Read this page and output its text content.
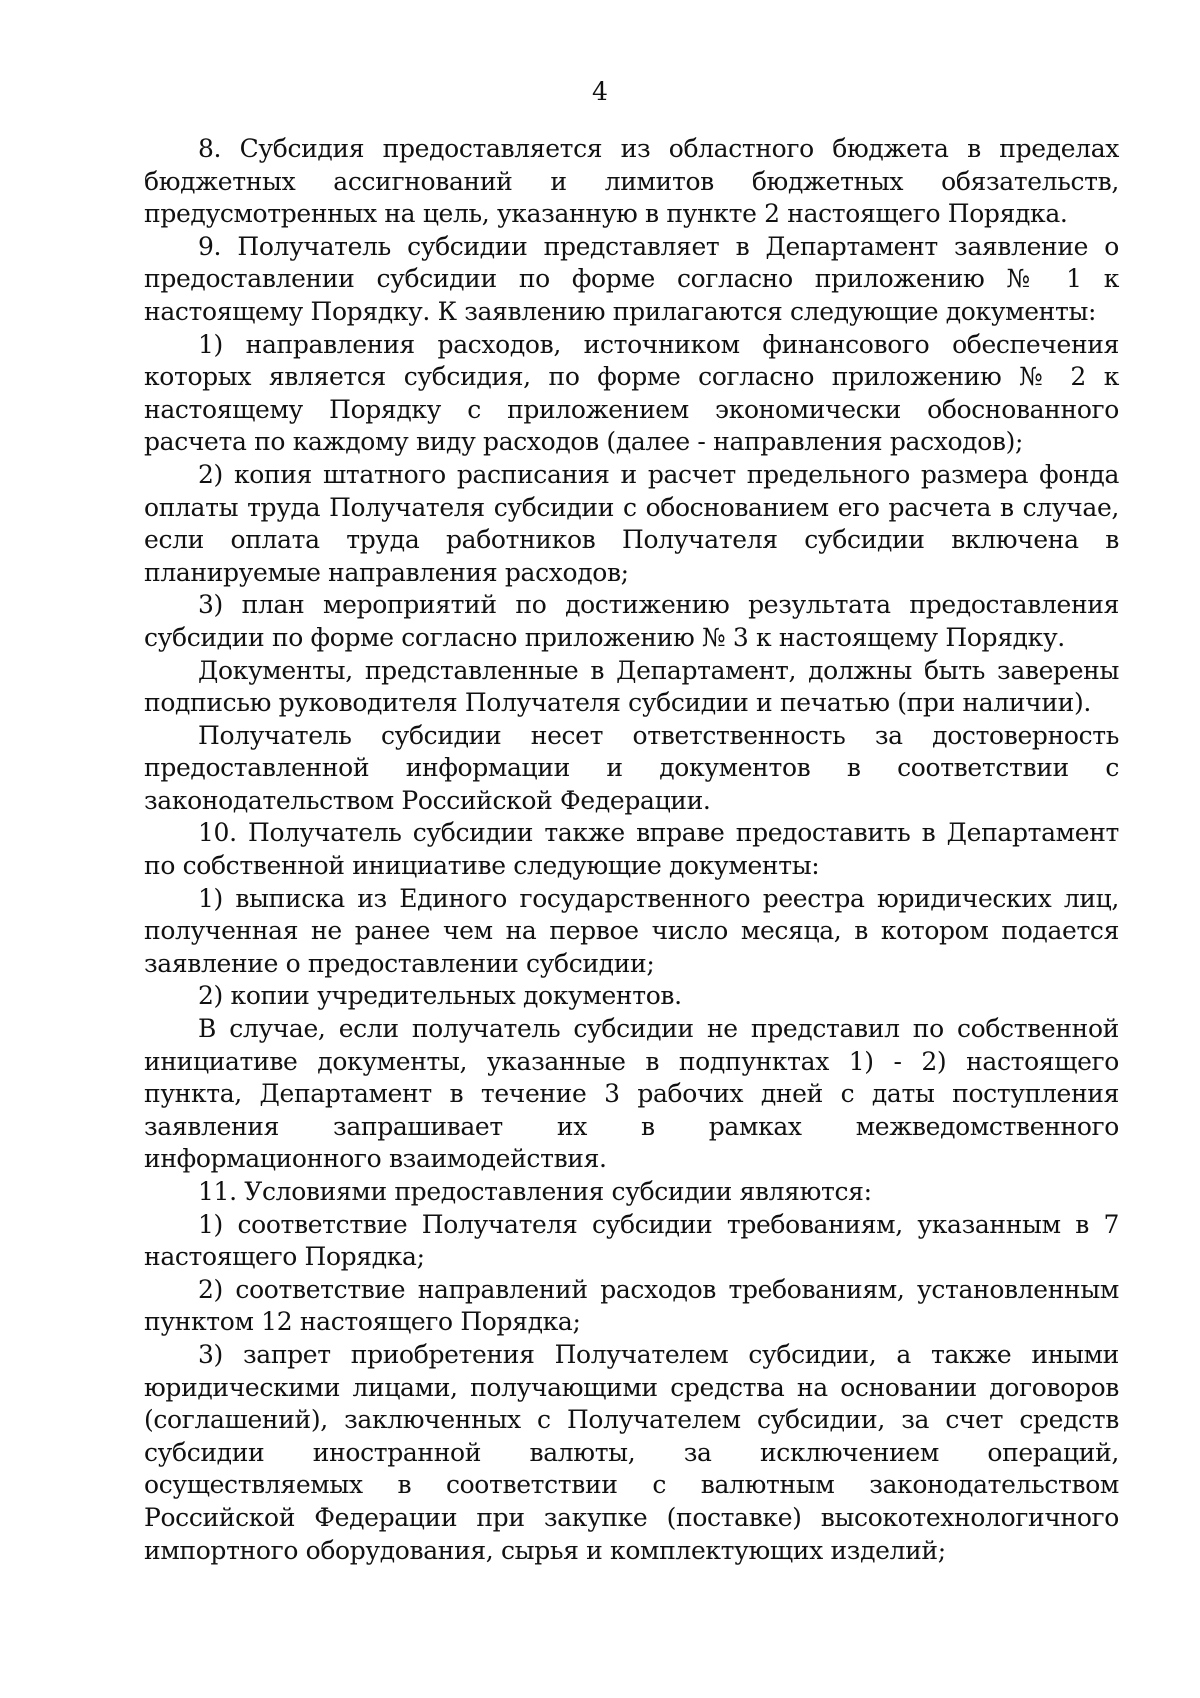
4

8. Субсидия предоставляется из областного бюджета в пределах бюджетных ассигнований и лимитов бюджетных обязательств, предусмотренных на цель, указанную в пункте 2 настоящего Порядка.

9. Получатель субсидии представляет в Департамент заявление о предоставлении субсидии по форме согласно приложению № 1 к настоящему Порядку. К заявлению прилагаются следующие документы:

1) направления расходов, источником финансового обеспечения которых является субсидия, по форме согласно приложению № 2 к настоящему Порядку с приложением экономически обоснованного расчета по каждому виду расходов (далее - направления расходов);

2) копия штатного расписания и расчет предельного размера фонда оплаты труда Получателя субсидии с обоснованием его расчета в случае, если оплата труда работников Получателя субсидии включена в планируемые направления расходов;

3) план мероприятий по достижению результата предоставления субсидии по форме согласно приложению № 3 к настоящему Порядку.

Документы, представленные в Департамент, должны быть заверены подписью руководителя Получателя субсидии и печатью (при наличии).

Получатель субсидии несет ответственность за достоверность предоставленной информации и документов в соответствии с законодательством Российской Федерации.

10. Получатель субсидии также вправе предоставить в Департамент по собственной инициативе следующие документы:

1) выписка из Единого государственного реестра юридических лиц, полученная не ранее чем на первое число месяца, в котором подается заявление о предоставлении субсидии;

2) копии учредительных документов.

В случае, если получатель субсидии не представил по собственной инициативе документы, указанные в подпунктах 1) - 2) настоящего пункта, Департамент в течение 3 рабочих дней с даты поступления заявления запрашивает их в рамках межведомственного информационного взаимодействия.

11. Условиями предоставления субсидии являются:

1) соответствие Получателя субсидии требованиям, указанным в 7 настоящего Порядка;

2) соответствие направлений расходов требованиям, установленным пунктом 12 настоящего Порядка;

3) запрет приобретения Получателем субсидии, а также иными юридическими лицами, получающими средства на основании договоров (соглашений), заключенных с Получателем субсидии, за счет средств субсидии иностранной валюты, за исключением операций, осуществляемых в соответствии с валютным законодательством Российской Федерации при закупке (поставке) высокотехнологичного импортного оборудования, сырья и комплектующих изделий;
